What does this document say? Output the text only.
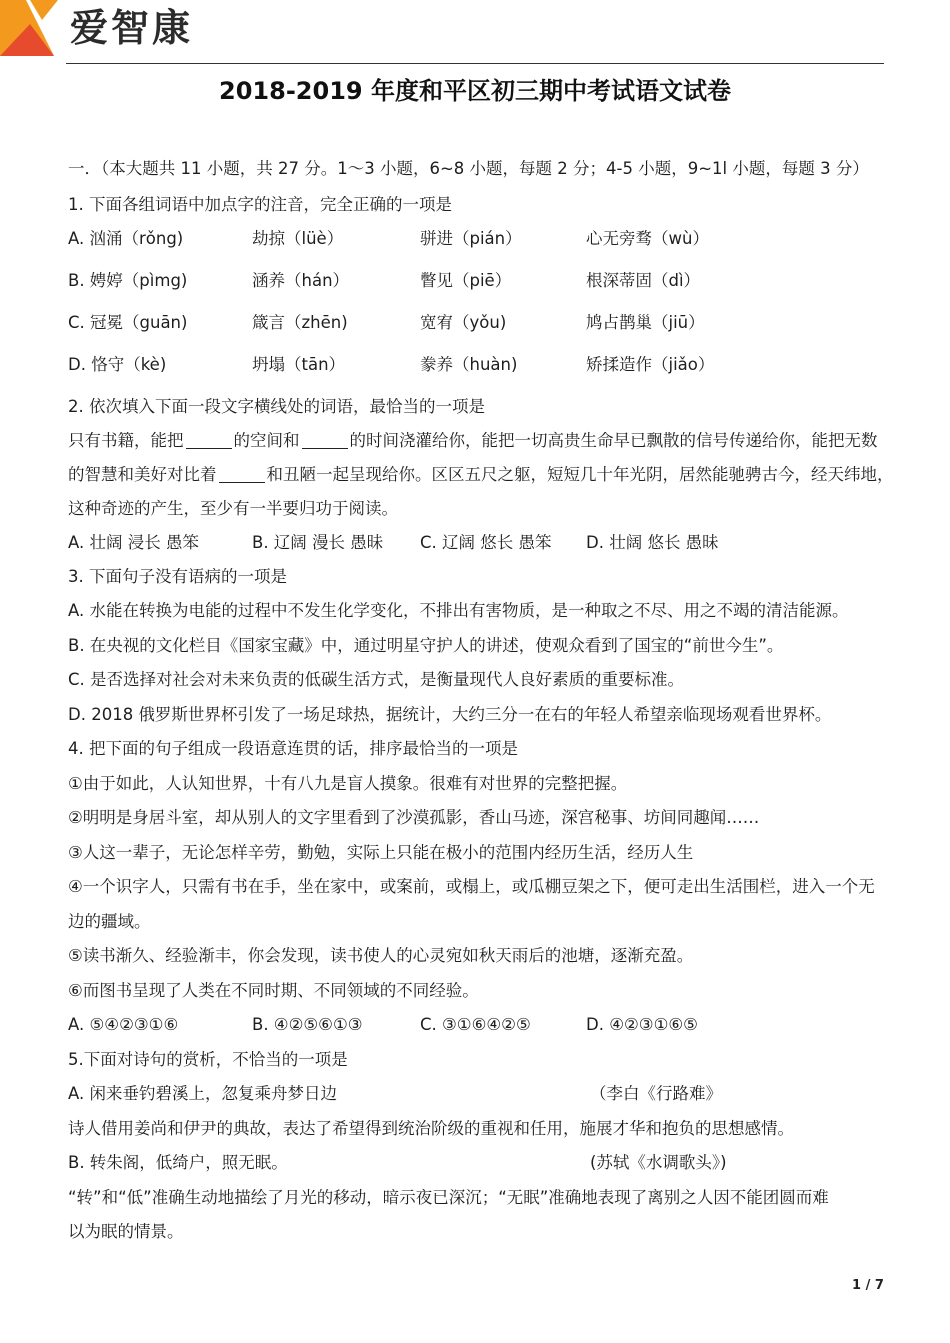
爱智康
2018-2019 年度和平区初三期中考试语文试卷
一．（本大题共 11 小题，共 27 分。1～3 小题，6~8 小题，每题 2 分；4-5 小题，9~1l 小题，每题 3 分）
1. 下面各组词语中加点字的注音，完全正确的一项是
A. 汹涌（rǒng)	劫掠（lüè）	骈进（pián）	心无旁骛（wù）
B. 娉婷（pìmg)	涵养（hán）	瞥见（piē）	根深蒂固（dì）
C. 冠冕（guān)	箴言（zhēn)	宽宥（yǒu)	鸠占鹊巢（jiū）
D. 恪守（kè)	坍塌（tān）	豢养（huàn)	矫揉造作（jiǎo）
2. 依次填入下面一段文字横线处的词语，最恰当的一项是
只有书籍，能把	的空间和	的时间浇灌给你，能把一切高贵生命早已飘散的信号传递给你，能把无数
的智慧和美好对比着	和丑陋一起呈现给你。区区五尺之躯，短短几十年光阴，居然能驰骋古今，经天纬地，
这种奇迹的产生，至少有一半要归功于阅读。
A. 壮阔 浸长 愚笨	B. 辽阔 漫长 愚昧 C. 辽阔 悠长 愚笨 D. 壮阔 悠长 愚昧
3. 下面句子没有语病的一项是
A. 水能在转换为电能的过程中不发生化学变化，不排出有害物质，是一种取之不尽、用之不竭的清洁能源。
B. 在央视的文化栏目《国家宝藏》中，通过明星守护人的讲述，使观众看到了国宝的“前世今生”。
C. 是否选择对社会对未来负责的低碳生活方式，是衡量现代人良好素质的重要标准。
D. 2018 俄罗斯世界杯引发了一场足球热，据统计，大约三分一在右的年轻人希望亲临现场观看世界杯。
4. 把下面的句子组成一段语意连贯的话，排序最恰当的一项是
①由于如此，人认知世界，十有八九是盲人摸象。很难有对世界的完整把握。
②明明是身居斗室，却从别人的文字里看到了沙漠孤影，香山马迹，深宫秘事、坊间同趣闻……
③人这一辈子，无论怎样辛劳，勤勉，实际上只能在极小的范围内经历生活，经历人生
④一个识字人，只需有书在手，坐在家中，或案前，或榻上，或瓜棚豆架之下，便可走出生活围栏，进入一个无
边的疆域。
⑤读书渐久、经验渐丰，你会发现，读书使人的心灵宛如秋天雨后的池塘，逐渐充盈。
⑥而图书呈现了人类在不同时期、不同领域的不同经验。
A. ⑤④②③①⑥	B. ④②⑤⑥①③	C. ③①⑥④②⑤	D. ④②③①⑥⑤
5.下面对诗句的赏析，不恰当的一项是
A. 闲来垂钓碧溪上，忽复乘舟梦日边	（李白《行路难》
诗人借用姜尚和伊尹的典故，表达了希望得到统治阶级的重视和任用，施展才华和抱负的思想感情。
B. 转朱阁，低绮户，照无眠。	(苏轼《水调歌头》)
“转”和“低”准确生动地描绘了月光的移动，暗示夜已深沉；“无眠”准确地表现了离别之人因不能团圆而难
以为眠的情景。
1 / 7
